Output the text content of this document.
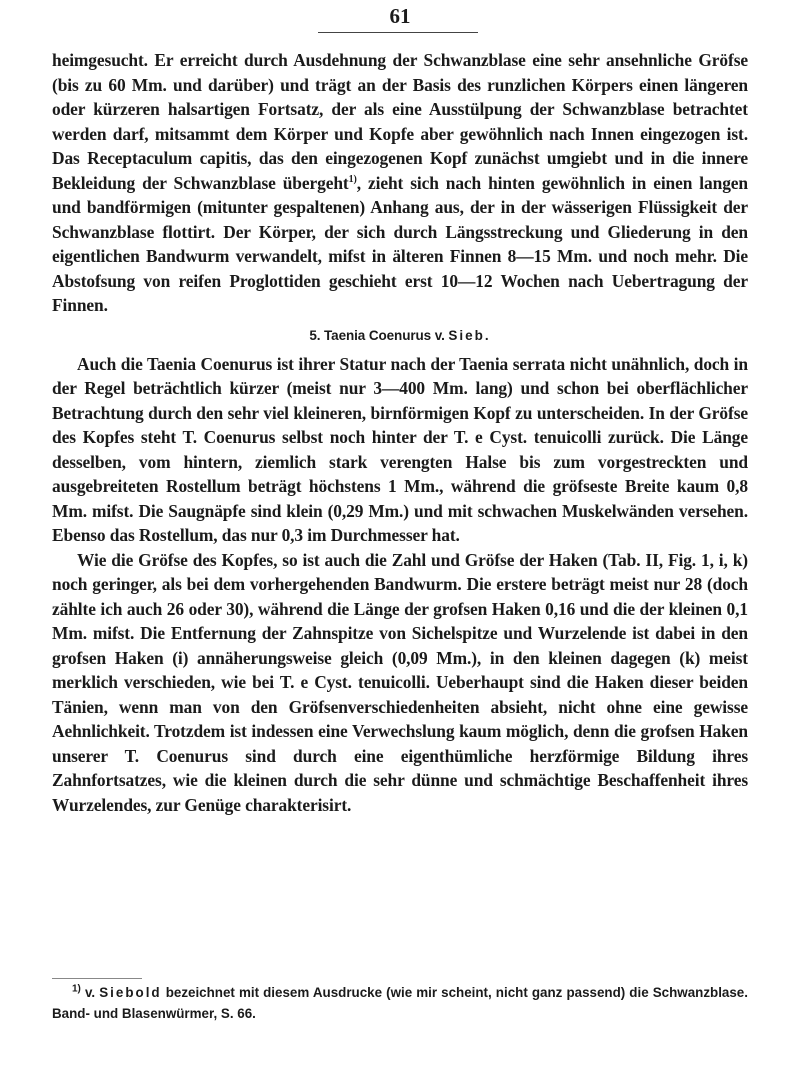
61

heimgesucht. Er erreicht durch Ausdehnung der Schwanzblase eine sehr ansehnliche Gröfse (bis zu 60 Mm. und darüber) und trägt an der Basis des runzlichen Körpers einen längeren oder kürzeren halsartigen Fortsatz, der als eine Ausstülpung der Schwanzblase betrachtet werden darf, mitsammt dem Körper und Kopfe aber gewöhnlich nach Innen eingezogen ist. Das Receptaculum capitis, das den eingezogenen Kopf zunächst umgiebt und in die innere Bekleidung der Schwanzblase übergeht$^{1)}$, zieht sich nach hinten gewöhnlich in einen langen und bandförmigen (mitunter gespaltenen) Anhang aus, der in der wässerigen Flüssigkeit der Schwanzblase flottirt. Der Körper, der sich durch Längsstreckung und Gliederung in den eigentlichen Bandwurm verwandelt, mifst in älteren Finnen 8—15 Mm. und noch mehr. Die Abstofsung von reifen Proglottiden geschieht erst 10—12 Wochen nach Uebertragung der Finnen.

5. Taenia Coenurus v. Sieb.

Auch die Taenia Coenurus ist ihrer Statur nach der Taenia serrata nicht unähnlich, doch in der Regel beträchtlich kürzer (meist nur 3—400 Mm. lang) und schon bei oberflächlicher Betrachtung durch den sehr viel kleineren, birnförmigen Kopf zu unterscheiden. In der Gröfse des Kopfes steht T. Coenurus selbst noch hinter der T. e Cyst. tenuicolli zurück. Die Länge desselben, vom hintern, ziemlich stark verengten Halse bis zum vorgestreckten und ausgebreiteten Rostellum beträgt höchstens 1 Mm., während die gröfseste Breite kaum 0,8 Mm. mifst. Die Saugnäpfe sind klein (0,29 Mm.) und mit schwachen Muskelwänden versehen. Ebenso das Rostellum, das nur 0,3 im Durchmesser hat.

Wie die Gröfse des Kopfes, so ist auch die Zahl und Gröfse der Haken (Tab. II, Fig. 1, i, k) noch geringer, als bei dem vorhergehenden Bandwurm. Die erstere beträgt meist nur 28 (doch zählte ich auch 26 oder 30), während die Länge der grofsen Haken 0,16 und die der kleinen 0,1 Mm. mifst. Die Entfernung der Zahnspitze von Sichelspitze und Wurzelende ist dabei in den grofsen Haken (i) annäherungsweise gleich (0,09 Mm.), in den kleinen dagegen (k) meist merklich verschieden, wie bei T. e Cyst. tenuicolli. Ueberhaupt sind die Haken dieser beiden Tänien, wenn man von den Gröfsenverschiedenheiten absieht, nicht ohne eine gewisse Aehnlichkeit. Trotzdem ist indessen eine Verwechslung kaum möglich, denn die grofsen Haken unserer T. Coenurus sind durch eine eigenthümliche herzförmige Bildung ihres Zahnfortsatzes, wie die kleinen durch die sehr dünne und schmächtige Beschaffenheit ihres Wurzelendes, zur Genüge charakterisirt.

$^{1)}$ v. Siebold bezeichnet mit diesem Ausdrucke (wie mir scheint, nicht ganz passend) die Schwanzblase. Band- und Blasenwürmer, S. 66.
